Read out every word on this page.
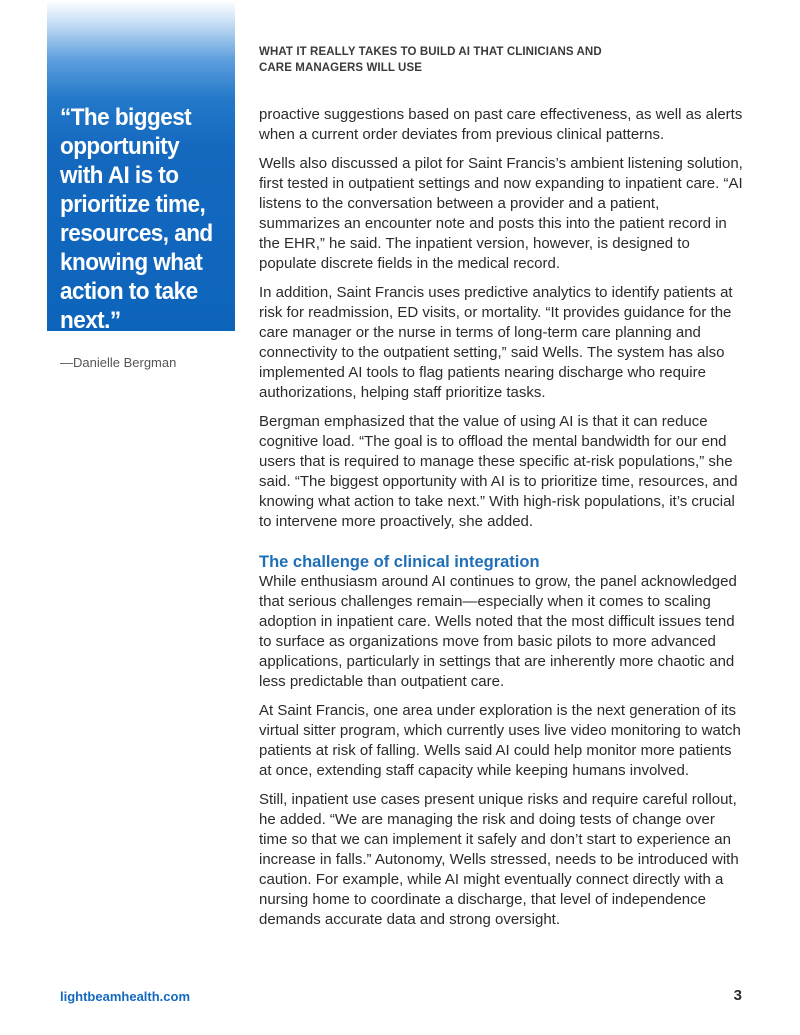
“The biggest opportunity with AI is to prioritize time, resources, and knowing what action to take next.”

—Danielle Bergman

WHAT IT REALLY TAKES TO BUILD AI THAT CLINICIANS AND
CARE MANAGERS WILL USE

proactive suggestions based on past care effectiveness, as well as alerts when a current order deviates from previous clinical patterns.

Wells also discussed a pilot for Saint Francis’s ambient listening solution, first tested in outpatient settings and now expanding to inpatient care. “AI listens to the conversation between a provider and a patient, summarizes an encounter note and posts this into the patient record in the EHR,” he said. The inpatient version, however, is designed to populate discrete fields in the medical record.

In addition, Saint Francis uses predictive analytics to identify patients at risk for readmission, ED visits, or mortality. “It provides guidance for the care manager or the nurse in terms of long-term care planning and connectivity to the outpatient setting,” said Wells. The system has also implemented AI tools to flag patients nearing discharge who require authorizations, helping staff prioritize tasks.

Bergman emphasized that the value of using AI is that it can reduce cognitive load. “The goal is to offload the mental bandwidth for our end users that is required to manage these specific at-risk populations,” she said. “The biggest opportunity with AI is to prioritize time, resources, and knowing what action to take next.” With high-risk populations, it’s crucial to intervene more proactively, she added.

The challenge of clinical integration

While enthusiasm around AI continues to grow, the panel acknowledged that serious challenges remain—especially when it comes to scaling adoption in inpatient care. Wells noted that the most difficult issues tend to surface as organizations move from basic pilots to more advanced applications, particularly in settings that are inherently more chaotic and less predictable than outpatient care.

At Saint Francis, one area under exploration is the next generation of its virtual sitter program, which currently uses live video monitoring to watch patients at risk of falling. Wells said AI could help monitor more patients at once, extending staff capacity while keeping humans involved.

Still, inpatient use cases present unique risks and require careful rollout, he added. “We are managing the risk and doing tests of change over time so that we can implement it safely and don’t start to experience an increase in falls.” Autonomy, Wells stressed, needs to be introduced with caution. For example, while AI might eventually connect directly with a nursing home to coordinate a discharge, that level of independence demands accurate data and strong oversight.

lightbeamhealth.com	3
